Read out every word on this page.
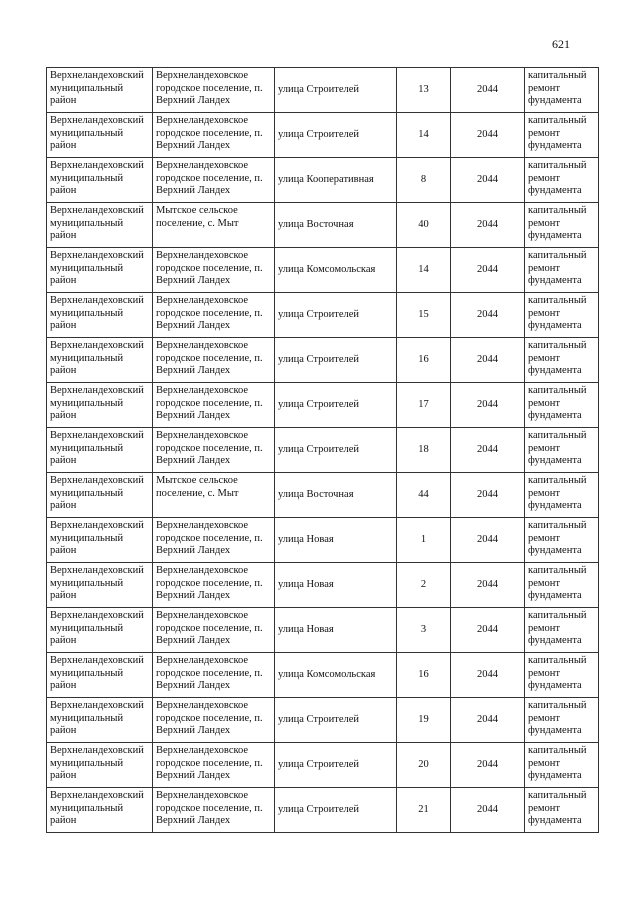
621
Верхнеландеховский муниципальный район	Верхнеландеховское городское поселение, п. Верхний Ландех	улица Строителей	13	2044	капитальный ремонт фундамента
Верхнеландеховский муниципальный район	Верхнеландеховское городское поселение, п. Верхний Ландех	улица Строителей	14	2044	капитальный ремонт фундамента
Верхнеландеховский муниципальный район	Верхнеландеховское городское поселение, п. Верхний Ландех	улица Кооперативная	8	2044	капитальный ремонт фундамента
Верхнеландеховский муниципальный район	Мытское сельское поселение, с. Мыт	улица Восточная	40	2044	капитальный ремонт фундамента
Верхнеландеховский муниципальный район	Верхнеландеховское городское поселение, п. Верхний Ландех	улица Комсомольская	14	2044	капитальный ремонт фундамента
Верхнеландеховский муниципальный район	Верхнеландеховское городское поселение, п. Верхний Ландех	улица Строителей	15	2044	капитальный ремонт фундамента
Верхнеландеховский муниципальный район	Верхнеландеховское городское поселение, п. Верхний Ландех	улица Строителей	16	2044	капитальный ремонт фундамента
Верхнеландеховский муниципальный район	Верхнеландеховское городское поселение, п. Верхний Ландех	улица Строителей	17	2044	капитальный ремонт фундамента
Верхнеландеховский муниципальный район	Верхнеландеховское городское поселение, п. Верхний Ландех	улица Строителей	18	2044	капитальный ремонт фундамента
Верхнеландеховский муниципальный район	Мытское сельское поселение, с. Мыт	улица Восточная	44	2044	капитальный ремонт фундамента
Верхнеландеховский муниципальный район	Верхнеландеховское городское поселение, п. Верхний Ландех	улица Новая	1	2044	капитальный ремонт фундамента
Верхнеландеховский муниципальный район	Верхнеландеховское городское поселение, п. Верхний Ландех	улица Новая	2	2044	капитальный ремонт фундамента
Верхнеландеховский муниципальный район	Верхнеландеховское городское поселение, п. Верхний Ландех	улица Новая	3	2044	капитальный ремонт фундамента
Верхнеландеховский муниципальный район	Верхнеландеховское городское поселение, п. Верхний Ландех	улица Комсомольская	16	2044	капитальный ремонт фундамента
Верхнеландеховский муниципальный район	Верхнеландеховское городское поселение, п. Верхний Ландех	улица Строителей	19	2044	капитальный ремонт фундамента
Верхнеландеховский муниципальный район	Верхнеландеховское городское поселение, п. Верхний Ландех	улица Строителей	20	2044	капитальный ремонт фундамента
Верхнеландеховский муниципальный район	Верхнеландеховское городское поселение, п. Верхний Ландех	улица Строителей	21	2044	капитальный ремонт фундамента
